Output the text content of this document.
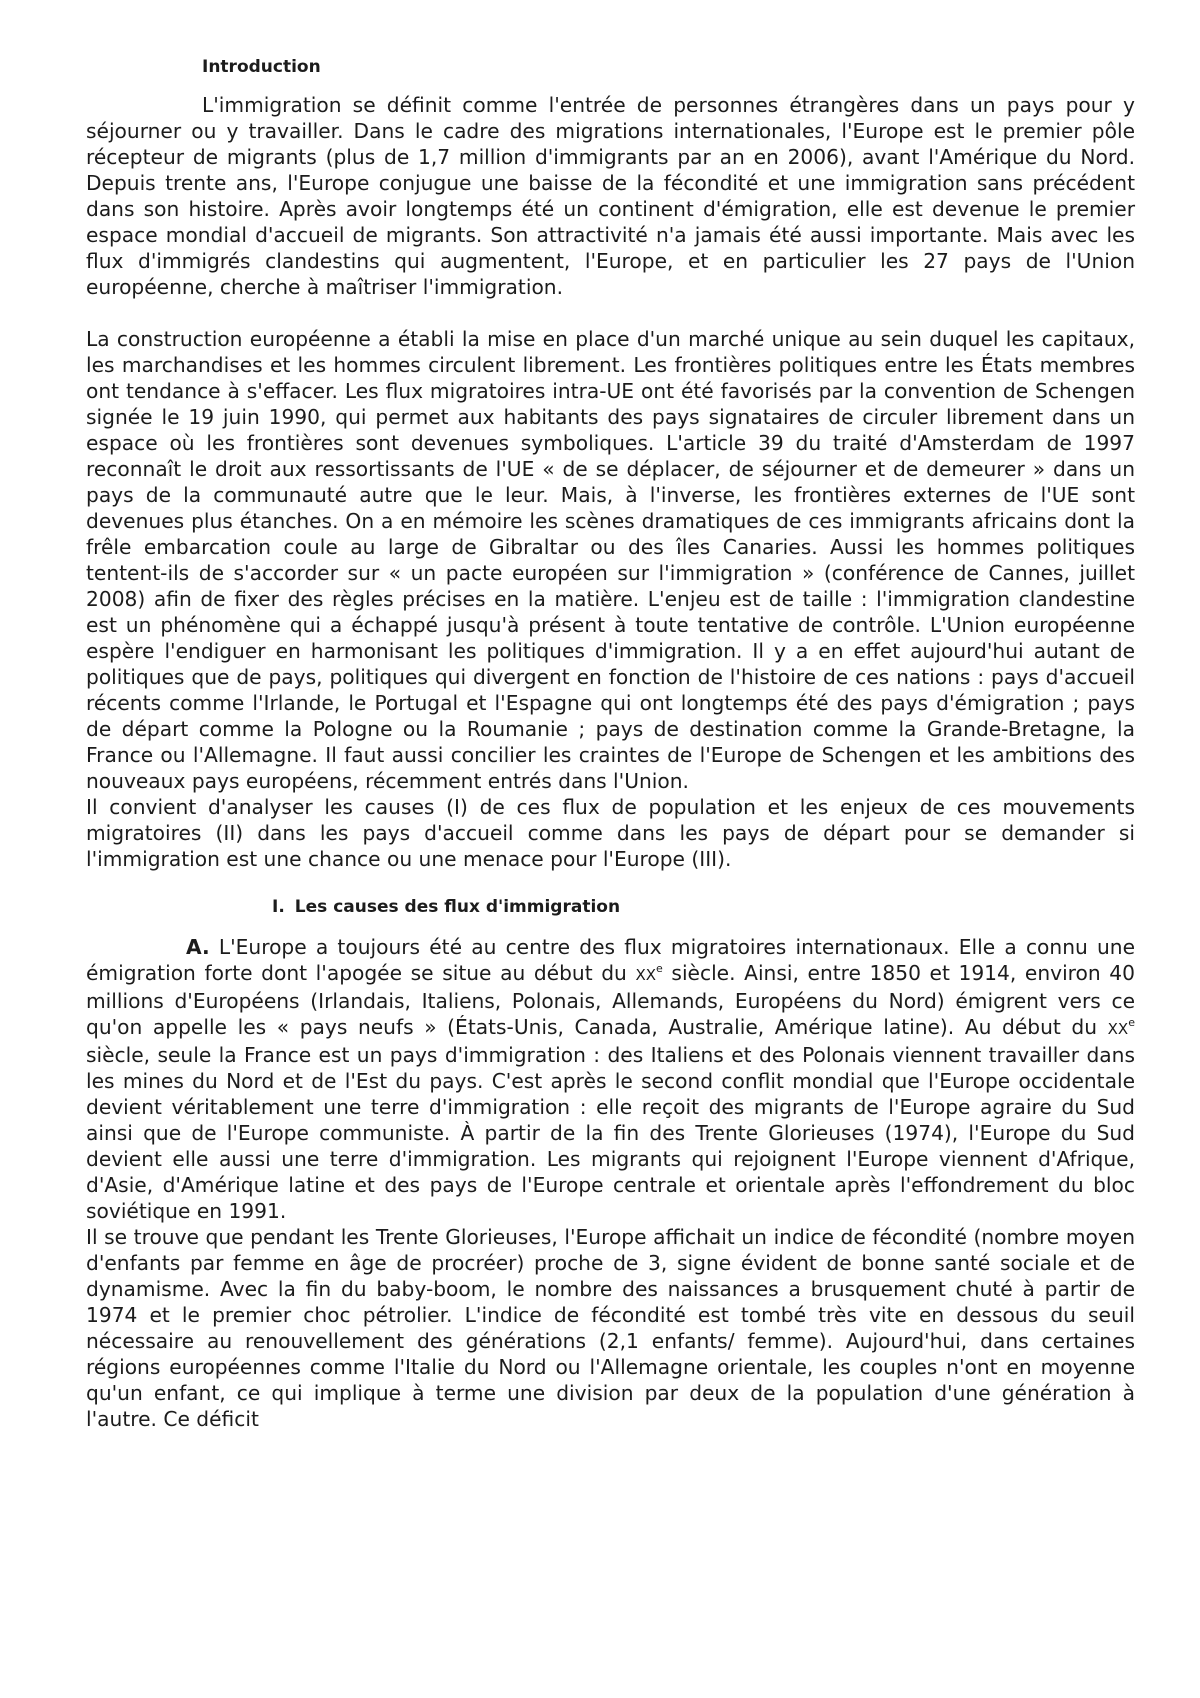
Introduction

L'immigration se définit comme l'entrée de personnes étrangères dans un pays pour y séjourner ou y travailler. Dans le cadre des migrations internationales, l'Europe est le premier pôle récepteur de migrants (plus de 1,7 million d'immigrants par an en 2006), avant l'Amérique du Nord. Depuis trente ans, l'Europe conjugue une baisse de la fécondité et une immigration sans précédent dans son histoire. Après avoir longtemps été un continent d'émigration, elle est devenue le premier espace mondial d'accueil de migrants. Son attractivité n'a jamais été aussi importante. Mais avec les flux d'immigrés clandestins qui augmentent, l'Europe, et en particulier les 27 pays de l'Union européenne, cherche à maîtriser l'immigration.

La construction européenne a établi la mise en place d'un marché unique au sein duquel les capitaux, les marchandises et les hommes circulent librement. Les frontières politiques entre les États membres ont tendance à s'effacer. Les flux migratoires intra-UE ont été favorisés par la convention de Schengen signée le 19 juin 1990, qui permet aux habitants des pays signataires de circuler librement dans un espace où les frontières sont devenues symboliques. L'article 39 du traité d'Amsterdam de 1997 reconnaît le droit aux ressortissants de l'UE « de se déplacer, de séjourner et de demeurer » dans un pays de la communauté autre que le leur. Mais, à l'inverse, les frontières externes de l'UE sont devenues plus étanches. On a en mémoire les scènes dramatiques de ces immigrants africains dont la frêle embarcation coule au large de Gibraltar ou des îles Canaries. Aussi les hommes politiques tentent-ils de s'accorder sur « un pacte européen sur l'immigration » (conférence de Cannes, juillet 2008) afin de fixer des règles précises en la matière. L'enjeu est de taille : l'immigration clandestine est un phénomène qui a échappé jusqu'à présent à toute tentative de contrôle. L'Union européenne espère l'endiguer en harmonisant les politiques d'immigration. Il y a en effet aujourd'hui autant de politiques que de pays, politiques qui divergent en fonction de l'histoire de ces nations : pays d'accueil récents comme l'Irlande, le Portugal et l'Espagne qui ont longtemps été des pays d'émigration ; pays de départ comme la Pologne ou la Roumanie ; pays de destination comme la Grande-Bretagne, la France ou l'Allemagne. Il faut aussi concilier les craintes de l'Europe de Schengen et les ambitions des nouveaux pays européens, récemment entrés dans l'Union.

Il convient d'analyser les causes (I) de ces flux de population et les enjeux de ces mouvements migratoires (II) dans les pays d'accueil comme dans les pays de départ pour se demander si l'immigration est une chance ou une menace pour l'Europe (III).

I. Les causes des flux d'immigration

A. L'Europe a toujours été au centre des flux migratoires internationaux. Elle a connu une émigration forte dont l'apogée se situe au début du XXe siècle. Ainsi, entre 1850 et 1914, environ 40 millions d'Européens (Irlandais, Italiens, Polonais, Allemands, Européens du Nord) émigrent vers ce qu'on appelle les « pays neufs » (États-Unis, Canada, Australie, Amérique latine). Au début du XXe siècle, seule la France est un pays d'immigration : des Italiens et des Polonais viennent travailler dans les mines du Nord et de l'Est du pays. C'est après le second conflit mondial que l'Europe occidentale devient véritablement une terre d'immigration : elle reçoit des migrants de l'Europe agraire du Sud ainsi que de l'Europe communiste. À partir de la fin des Trente Glorieuses (1974), l'Europe du Sud devient elle aussi une terre d'immigration. Les migrants qui rejoignent l'Europe viennent d'Afrique, d'Asie, d'Amérique latine et des pays de l'Europe centrale et orientale après l'effondrement du bloc soviétique en 1991.

Il se trouve que pendant les Trente Glorieuses, l'Europe affichait un indice de fécondité (nombre moyen d'enfants par femme en âge de procréer) proche de 3, signe évident de bonne santé sociale et de dynamisme. Avec la fin du baby-boom, le nombre des naissances a brusquement chuté à partir de 1974 et le premier choc pétrolier. L'indice de fécondité est tombé très vite en dessous du seuil nécessaire au renouvellement des générations (2,1 enfants/ femme). Aujourd'hui, dans certaines régions européennes comme l'Italie du Nord ou l'Allemagne orientale, les couples n'ont en moyenne qu'un enfant, ce qui implique à terme une division par deux de la population d'une génération à l'autre. Ce déficit
